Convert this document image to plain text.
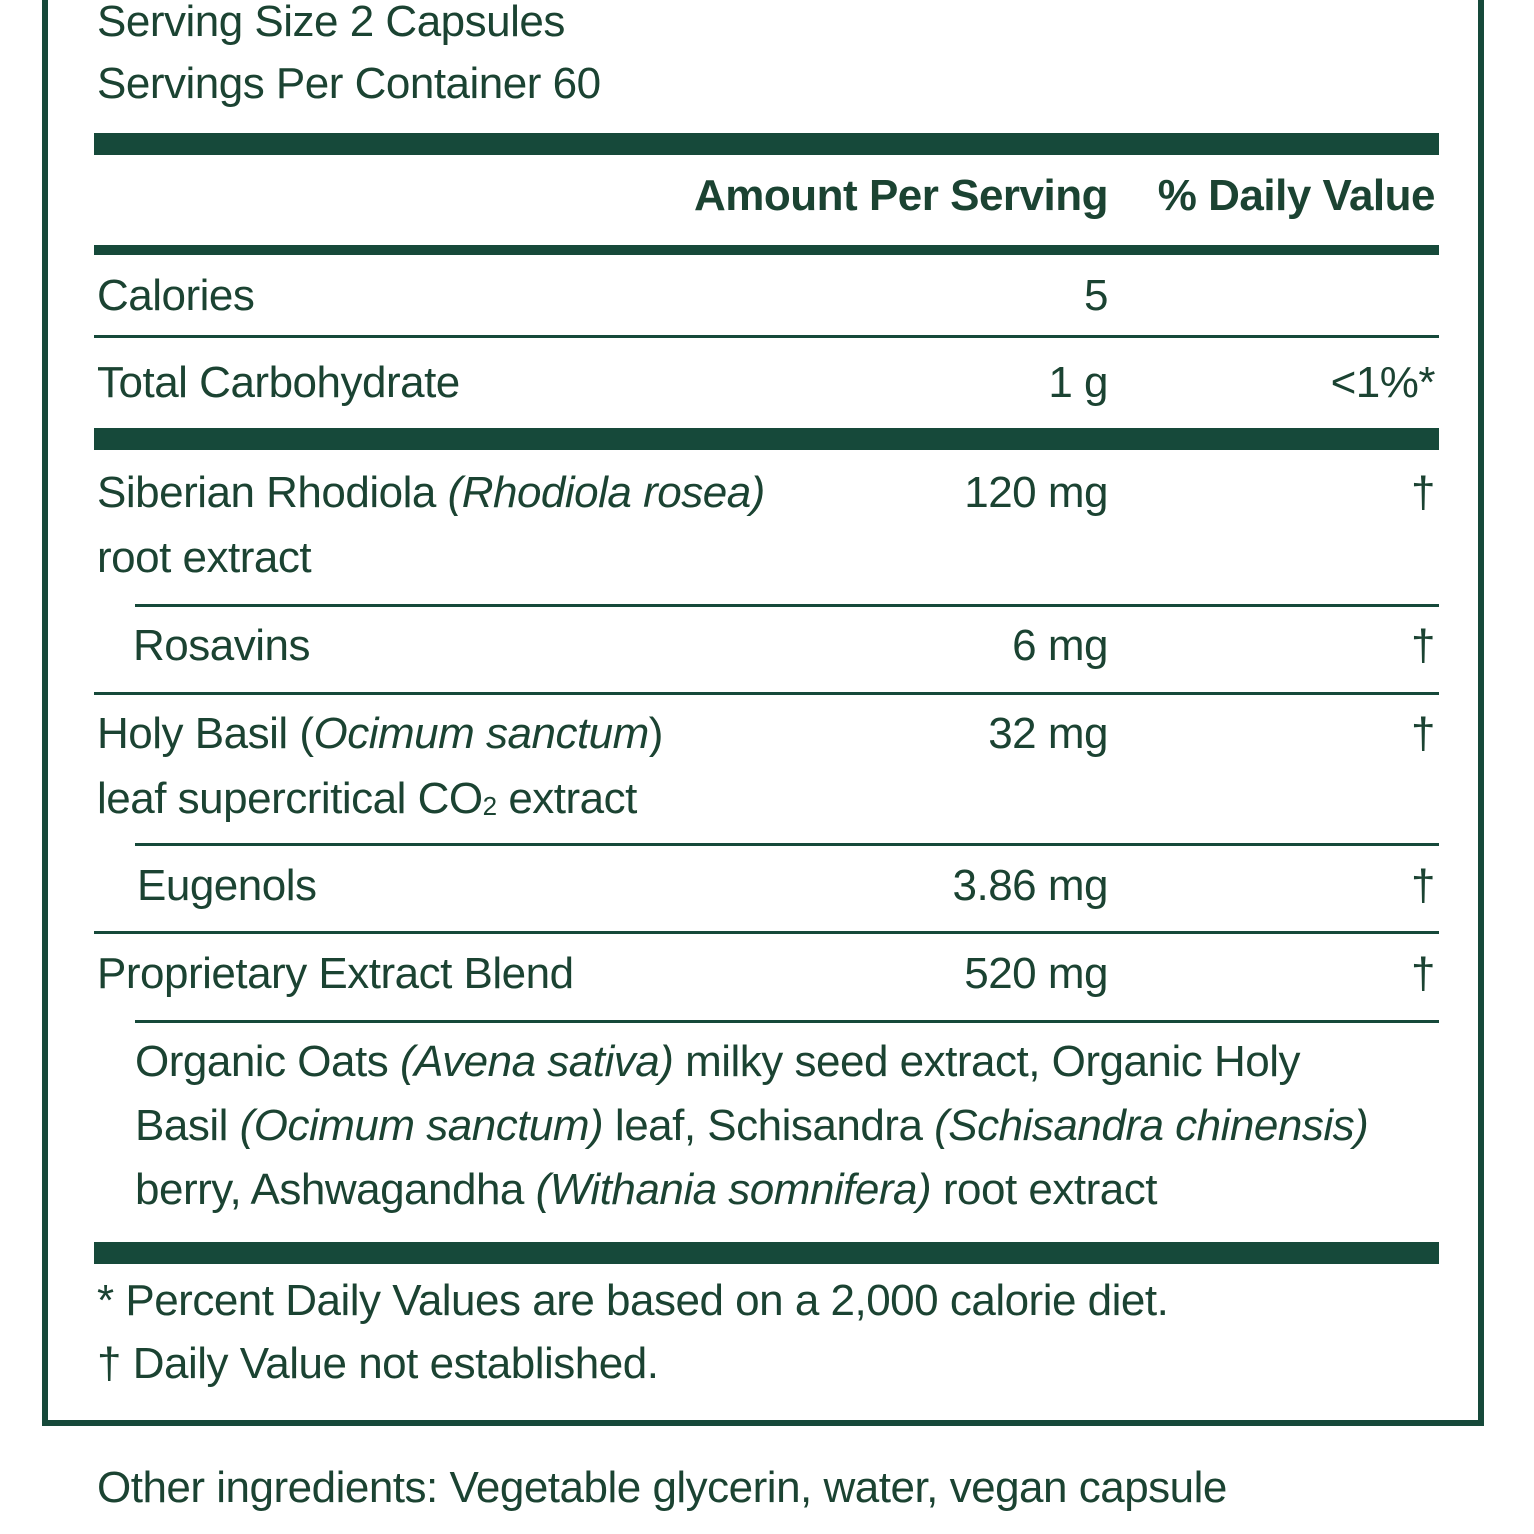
Serving Size 2 Capsules
Servings Per Container 60
Amount Per Serving	% Daily Value
Calories	5
Total Carbohydrate	1 g	<1%*
Siberian Rhodiola (Rhodiola rosea)
root extract
120 mg	†
Rosavins	6 mg	†
Holy Basil (Ocimum sanctum)
leaf supercritical $CO_2$ extract
32 mg	†
Eugenols	3.86 mg	†
Proprietary Extract Blend	520 mg	†
Organic Oats (Avena sativa) milky seed extract, Organic Holy
Basil (Ocimum sanctum) leaf, Schisandra (Schisandra chinensis)
berry, Ashwagandha (Withania somnifera) root extract
* Percent Daily Values are based on a 2,000 calorie diet.
† Daily Value not established.
Other ingredients: Vegetable glycerin, water, vegan capsule
